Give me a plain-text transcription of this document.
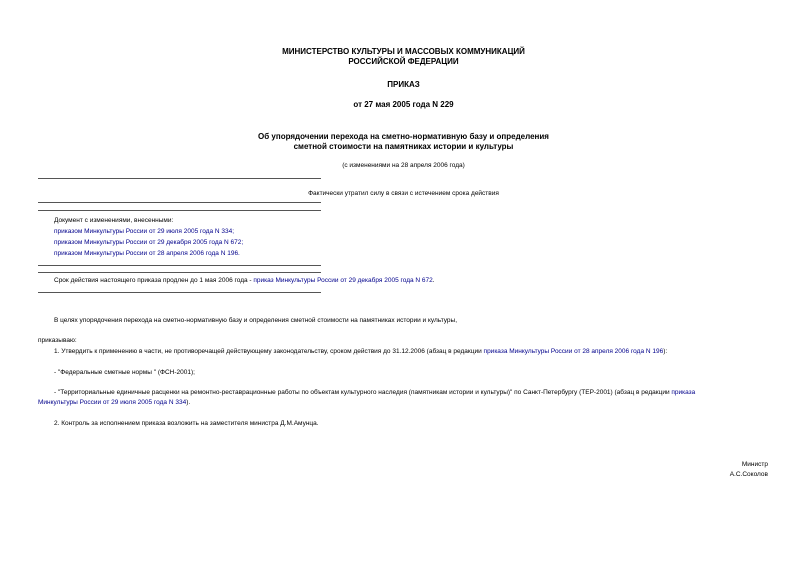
МИНИСТЕРСТВО КУЛЬТУРЫ И МАССОВЫХ КОММУНИКАЦИЙ
РОССИЙСКОЙ ФЕДЕРАЦИИ
ПРИКАЗ
от 27 мая 2005 года N 229
Об упорядочении перехода на сметно-нормативную базу и определения
сметной стоимости на памятниках истории и культуры
(с изменениями на 28 апреля 2006 года)
Фактически утратил силу в связи с истечением срока действия
Документ с изменениями, внесенными:
приказом Минкультуры России от 29 июля 2005 года N 334;
приказом Минкультуры России от 29 декабря 2005 года N 672;
приказом Минкультуры России от 28 апреля 2006 года N 196.
Срок действия настоящего приказа продлен до 1 мая 2006 года - приказ Минкультуры России от 29 декабря 2005 года N 672.
В целях упорядочения перехода на сметно-нормативную базу и определения сметной стоимости на памятниках истории и культуры,
приказываю:
1. Утвердить к применению в части, не противоречащей действующему законодательству, сроком действия до 31.12.2006 (абзац в редакции приказа Минкультуры России от 28 апреля 2006 года N 196):
- "Федеральные сметные нормы " (ФСН-2001);
- "Территориальные единичные расценки на ремонтно-реставрационные работы по объектам культурного наследия (памятникам истории и культуры)" по Санкт-Петербургу (ТЕР-2001) (абзац в редакции приказа
Минкультуры России от 29 июля 2005 года N 334).
2. Контроль за исполнением приказа возложить на заместителя министра Д.М.Амунца.
Министр
А.С.Соколов
